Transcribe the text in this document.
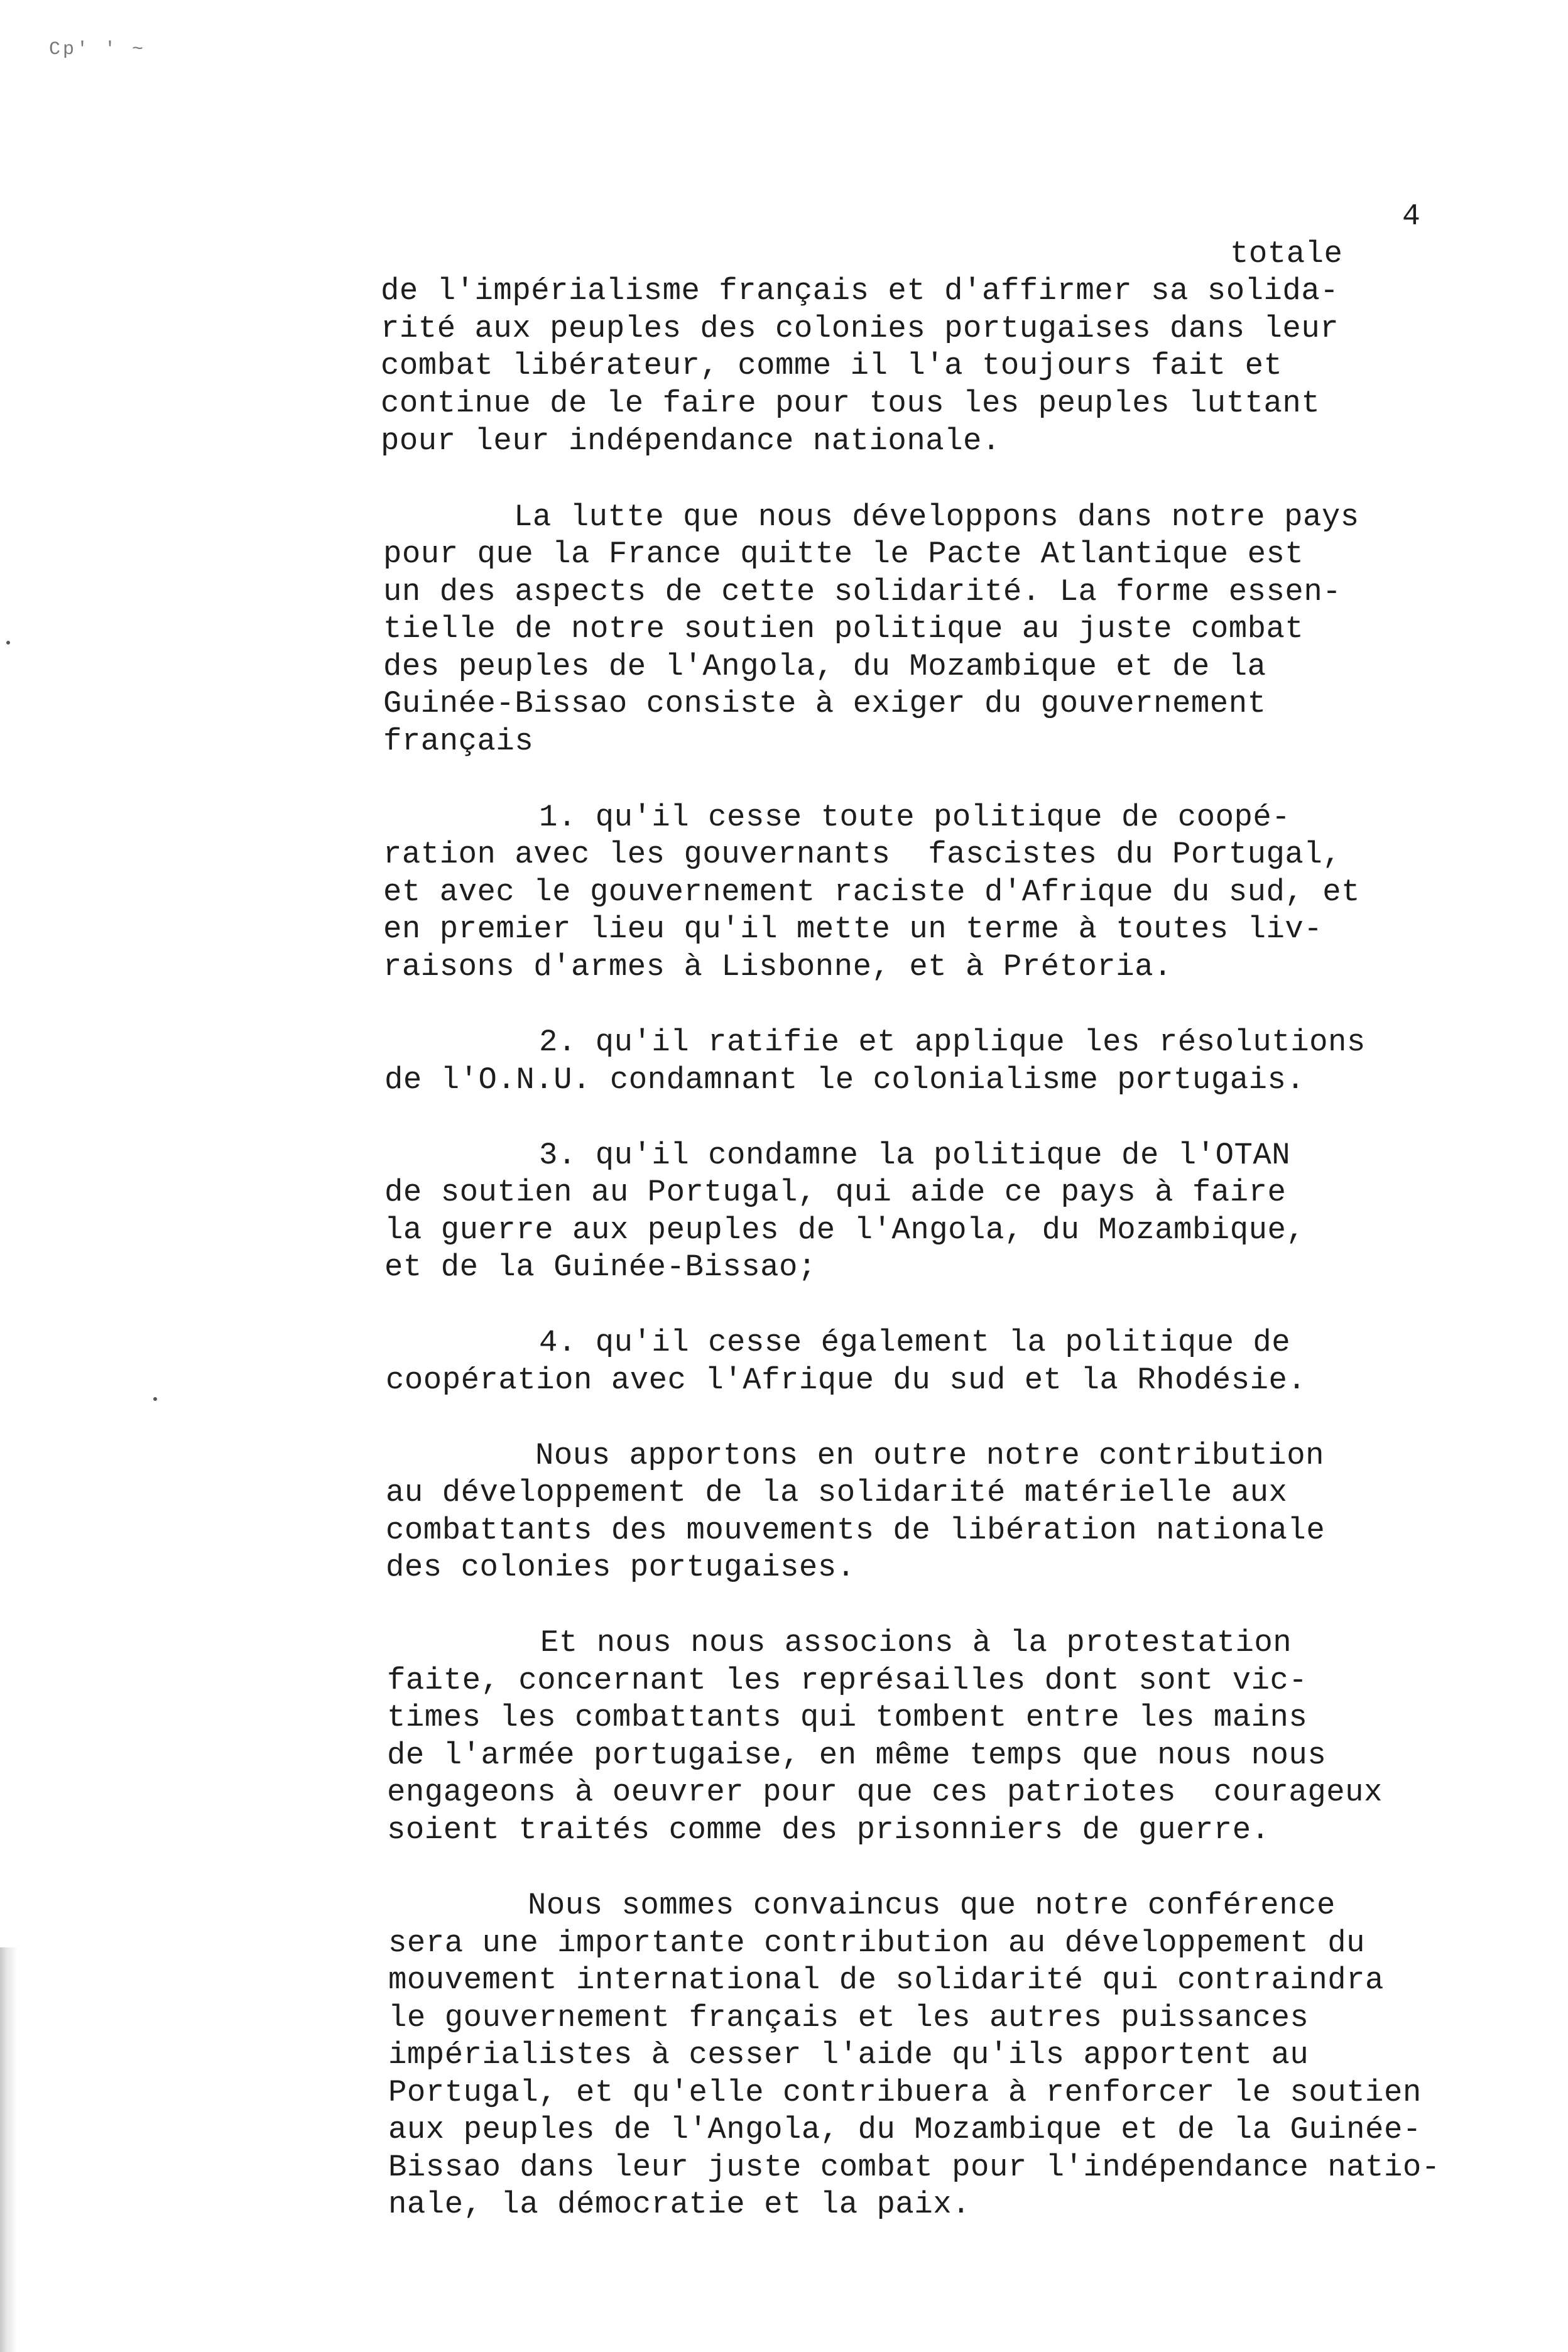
Cp' ' ~
4
totale
de l'impérialisme français et d'affirmer sa solida-
rité aux peuples des colonies portugaises dans leur
combat libérateur, comme il l'a toujours fait et
continue de le faire pour tous les peuples luttant
pour leur indépendance nationale.
La lutte que nous développons dans notre pays
pour que la France quitte le Pacte Atlantique est
un des aspects de cette solidarité. La forme essen-
tielle de notre soutien politique au juste combat
des peuples de l'Angola, du Mozambique et de la
Guinée-Bissao consiste à exiger du gouvernement
français
1. qu'il cesse toute politique de coopé-
ration avec les gouvernants  fascistes du Portugal,
et avec le gouvernement raciste d'Afrique du sud, et
en premier lieu qu'il mette un terme à toutes liv-
raisons d'armes à Lisbonne, et à Prétoria.
2. qu'il ratifie et applique les résolutions
de l'O.N.U. condamnant le colonialisme portugais.
3. qu'il condamne la politique de l'OTAN
de soutien au Portugal, qui aide ce pays à faire
la guerre aux peuples de l'Angola, du Mozambique,
et de la Guinée-Bissao;
4. qu'il cesse également la politique de
coopération avec l'Afrique du sud et la Rhodésie.
Nous apportons en outre notre contribution
au développement de la solidarité matérielle aux
combattants des mouvements de libération nationale
des colonies portugaises.
Et nous nous associons à la protestation
faite, concernant les représailles dont sont vic-
times les combattants qui tombent entre les mains
de l'armée portugaise, en même temps que nous nous
engageons à oeuvrer pour que ces patriotes  courageux
soient traités comme des prisonniers de guerre.
Nous sommes convaincus que notre conférence
sera une importante contribution au développement du
mouvement international de solidarité qui contraindra
le gouvernement français et les autres puissances
impérialistes à cesser l'aide qu'ils apportent au
Portugal, et qu'elle contribuera à renforcer le soutien
aux peuples de l'Angola, du Mozambique et de la Guinée-
Bissao dans leur juste combat pour l'indépendance natio-
nale, la démocratie et la paix.
